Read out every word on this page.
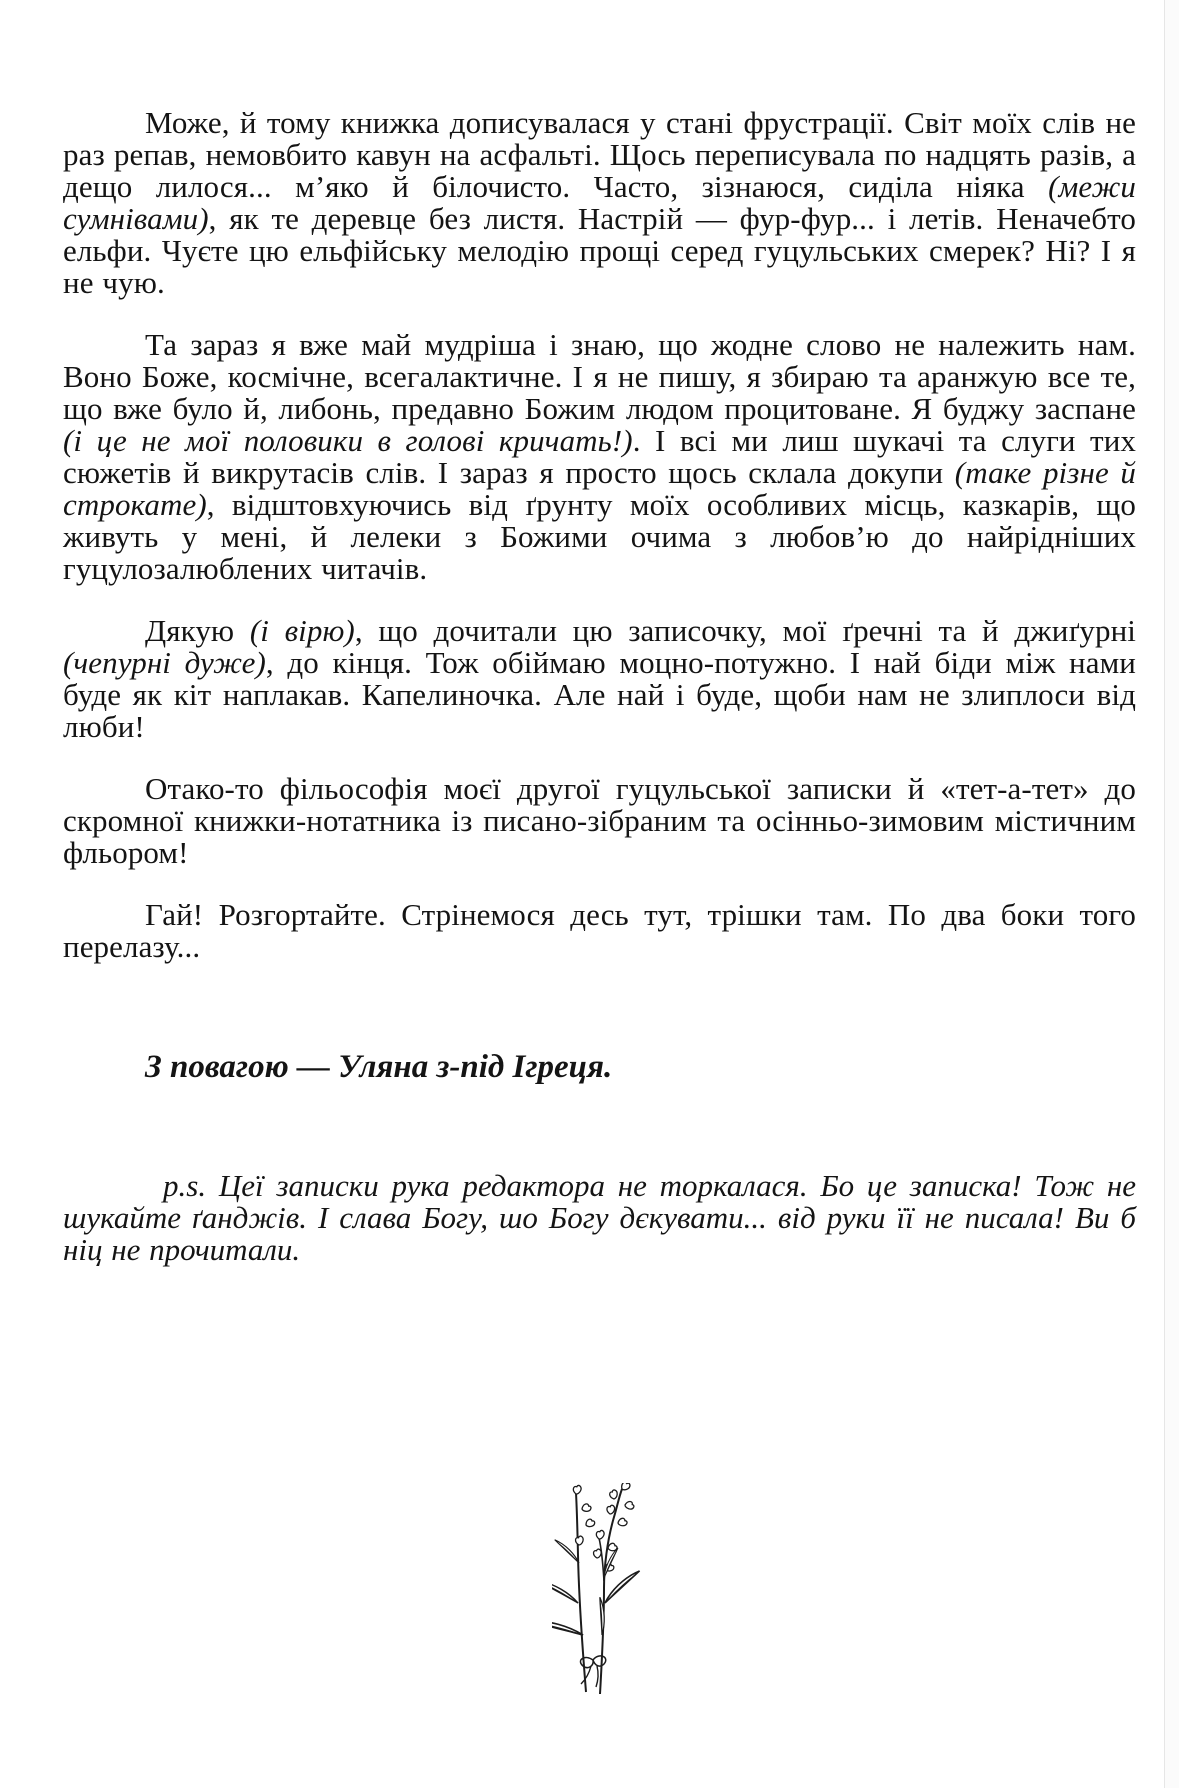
Може, й тому книжка дописувалася у стані фрустрації. Світ моїх слів не раз репав, немовбито кавун на асфальті. Щось переписувала по надцять разів, а дещо лилося... м’яко й білочисто. Часто, зізнаюся, сиділа ніяка (межи сумнівами), як те деревце без листя. Настрій — фур-фур... і летів. Неначебто ельфи. Чуєте цю ельфійську мелодію прощі серед гуцульських смерек? Ні? І я не чую.

Та зараз я вже май мудріша і знаю, що жодне слово не належить нам. Воно Боже, космічне, всегалактичне. І я не пишу, я збираю та аранжую все те, що вже було й, либонь, предавно Божим людом процитоване. Я буджу заспане (і це не мої половики в голові кричать!). І всі ми лиш шукачі та слуги тих сюжетів й викрутасів слів. І зараз я просто щось склала докупи (таке різне й строкате), відштовхуючись від ґрунту моїх особливих місць, казкарів, що живуть у мені, й лелеки з Божими очима з любов’ю до найрідніших гуцулозалюблених читачів.

Дякую (і вірю), що дочитали цю записочку, мої ґречні та й джиґурні (чепурні дуже), до кінця. Тож обіймаю моцно-потужно. І най біди між нами буде як кіт наплакав. Капелиночка. Але най і буде, щоби нам не злиплоси від люби!

Отако-то фільософія моєї другої гуцульської записки й «тет-а-тет» до скромної книжки-нотатника із писано-зібраним та осінньо-зимовим містичним фльором!

Гай! Розгортайте. Стрінемося десь тут, трішки там. По два боки того перелазу...

З повагою — Уляна з-під Ігреця.

p.s. Цеї записки рука редактора не торкалася. Бо це записка! Тож не шукайте ґанджів. І слава Богу, шо Богу дєкувати... від руки її не писала! Ви б ніц не прочитали.
